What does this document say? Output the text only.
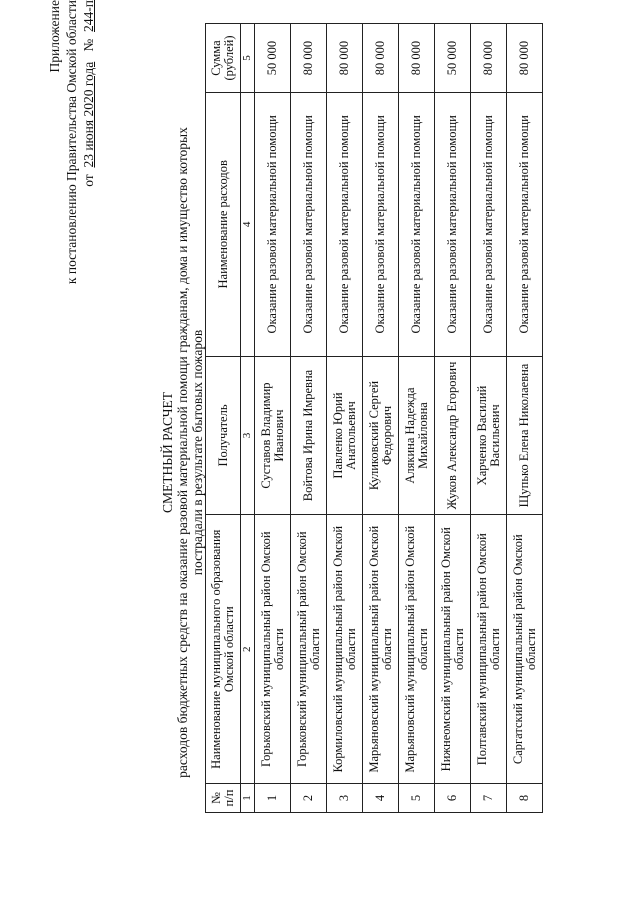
Приложение к постановлению Правительства Омской области от  23 июня 2020 года   №  244-п
СМЕТНЫЙ РАСЧЕТ расходов бюджетных средств на оказание разовой материальной помощи гражданам, дома и имущество которых пострадали в результате бытовых пожаров
№ п/п	Наименование муниципального образования Омской области	Получатель	Наименование расходов	Сумма (рублей)
1	2	3	4	5
1	Горьковский муниципальный район Омской области	Суставов Владимир Иванович	Оказание разовой материальной помощи	50 000
2	Горьковский муниципальный район Омской области	Войтова Ирина Имревна	Оказание разовой материальной помощи	80 000
3	Кормиловский муниципальный район Омской области	Павленко Юрий Анатольевич	Оказание разовой материальной помощи	80 000
4	Марьяновский муниципальный район Омской области	Куликовский Сергей Федорович	Оказание разовой материальной помощи	80 000
5	Марьяновский муниципальный район Омской области	Алякина Надежда Михайловна	Оказание разовой материальной помощи	80 000
6	Нижнеомский муниципальный район Омской области	Жуков Александр Егорович	Оказание разовой материальной помощи	50 000
7	Полтавский муниципальный район Омской области	Харченко Василий Васильевич	Оказание разовой материальной помощи	80 000
8	Саргатский муниципальный район Омской области	Щупько Елена Николаевна	Оказание разовой материальной помощи	80 000
